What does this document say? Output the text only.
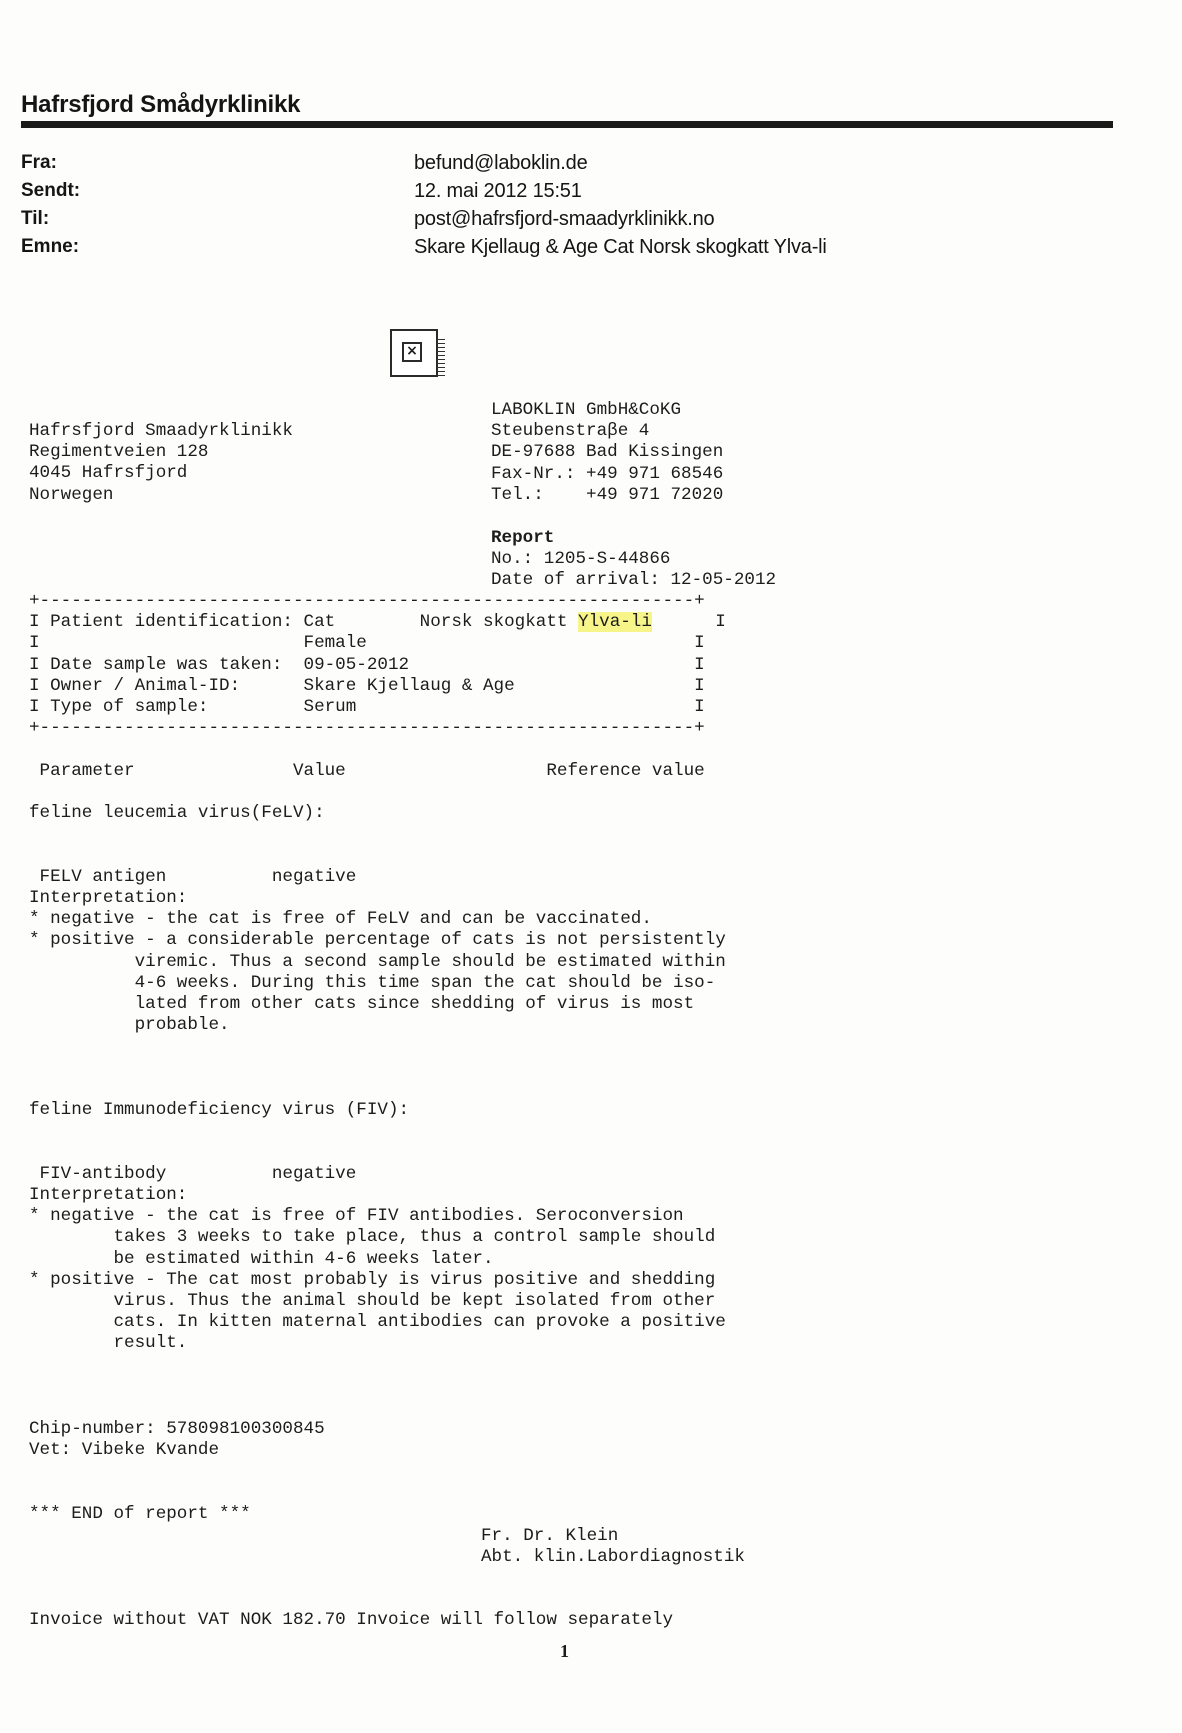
Hafrsfjord Smådyrklinikk
Fra:	befund@laboklin.de
Sendt:	12. mai 2012 15:51
Til:	post@hafrsfjord-smaadyrklinikk.no
Emne:	Skare Kjellaug & Age Cat Norsk skogkatt Ylva-li
×
Hafrsfjord Smaadyrklinikk
Regimentveien 128
4045 Hafrsfjord
Norwegen
LABOKLIN GmbH&CoKG
Steubenstraβe 4
DE-97688 Bad Kissingen
Fax-Nr.: +49 971 68546
Tel.:    +49 971 72020
Report
No.: 1205-S-44866
Date of arrival: 12-05-2012
+--------------------------------------------------------------+
I Patient identification: Cat        Norsk skogkatt Ylva-li      I
I                         Female                               I
I Date sample was taken:  09-05-2012                           I
I Owner / Animal-ID:      Skare Kjellaug & Age                 I
I Type of sample:         Serum                                I
+--------------------------------------------------------------+
Parameter               Value                   Reference value
feline leucemia virus(FeLV):
FELV antigen          negative
Interpretation:
* negative - the cat is free of FeLV and can be vaccinated.
* positive - a considerable percentage of cats is not persistently
viremic. Thus a second sample should be estimated within
4-6 weeks. During this time span the cat should be iso-
lated from other cats since shedding of virus is most
probable.
feline Immunodeficiency virus (FIV):
FIV-antibody          negative
Interpretation:
* negative - the cat is free of FIV antibodies. Seroconversion
takes 3 weeks to take place, thus a control sample should
be estimated within 4-6 weeks later.
* positive - The cat most probably is virus positive and shedding
virus. Thus the animal should be kept isolated from other
cats. In kitten maternal antibodies can provoke a positive
result.
Chip-number: 578098100300845
Vet: Vibeke Kvande
*** END of report ***
Fr. Dr. Klein
Abt. klin.Labordiagnostik
Invoice without VAT NOK 182.70 Invoice will follow separately
1
